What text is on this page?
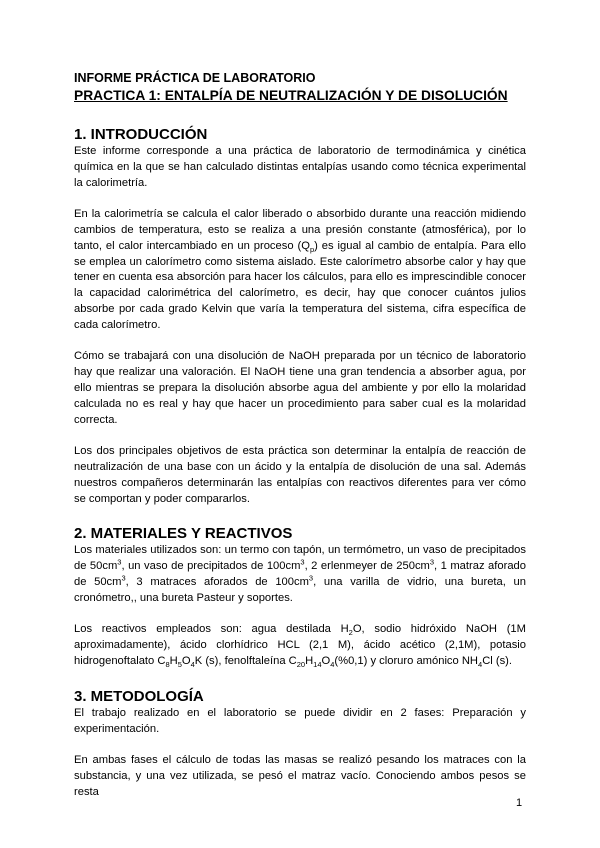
INFORME PRÁCTICA DE LABORATORIO

PRACTICA 1: ENTALPÍA DE NEUTRALIZACIÓN Y DE DISOLUCIÓN

1. INTRODUCCIÓN

Este informe corresponde a una práctica de laboratorio de termodinámica y cinética química en la que se han calculado distintas entalpías usando como técnica experimental la calorimetría.

En la calorimetría se calcula el calor liberado o absorbido durante una reacción midiendo cambios de temperatura, esto se realiza a una presión constante (atmosférica), por lo tanto, el calor intercambiado en un proceso $(Q_p)$ es igual al cambio de entalpía. Para ello se emplea un calorímetro como sistema aislado. Este calorímetro absorbe calor y hay que tener en cuenta esa absorción para hacer los cálculos, para ello es imprescindible conocer la capacidad calorimétrica del calorímetro, es decir, hay que conocer cuántos julios absorbe por cada grado Kelvin que varía la temperatura del sistema, cifra específica de cada calorímetro.

Cómo se trabajará con una disolución de NaOH preparada por un técnico de laboratorio hay que realizar una valoración. El NaOH tiene una gran tendencia a absorber agua, por ello mientras se prepara la disolución absorbe agua del ambiente y por ello la molaridad calculada no es real y hay que hacer un procedimiento para saber cual es la molaridad correcta.

Los dos principales objetivos de esta práctica son determinar la entalpía de reacción de neutralización de una base con un ácido y la entalpía de disolución de una sal. Además nuestros compañeros determinarán las entalpías con reactivos diferentes para ver cómo se comportan y poder compararlos.

2. MATERIALES Y REACTIVOS

Los materiales utilizados son: un termo con tapón, un termómetro, un vaso de precipitados de $50cm^3$, un vaso de precipitados de $100cm^3$, 2 erlenmeyer de $250cm^3$, 1 matraz aforado de $50cm^3$, 3 matraces aforados de $100cm^3$, una varilla de vidrio, una bureta, un cronómetro,, una bureta Pasteur y soportes.

Los reactivos empleados son: agua destilada $H_2O$, sodio hidróxido NaOH (1M aproximadamente), ácido clorhídrico HCL (2,1 M), ácido acético (2,1M), potasio hidrogenoftalato $C_8H_5O_4K$ (s), fenolftaleína $C_{20}H_{14}O_4(\%0,1)$ y cloruro amónico $NH_4Cl$ (s).

3. METODOLOGÍA

El trabajo realizado en el laboratorio se puede dividir en 2 fases: Preparación y experimentación.

En ambas fases el cálculo de todas las masas se realizó pesando los matraces con la substancia, y una vez utilizada, se pesó el matraz vacío. Conociendo ambos pesos se resta

1
